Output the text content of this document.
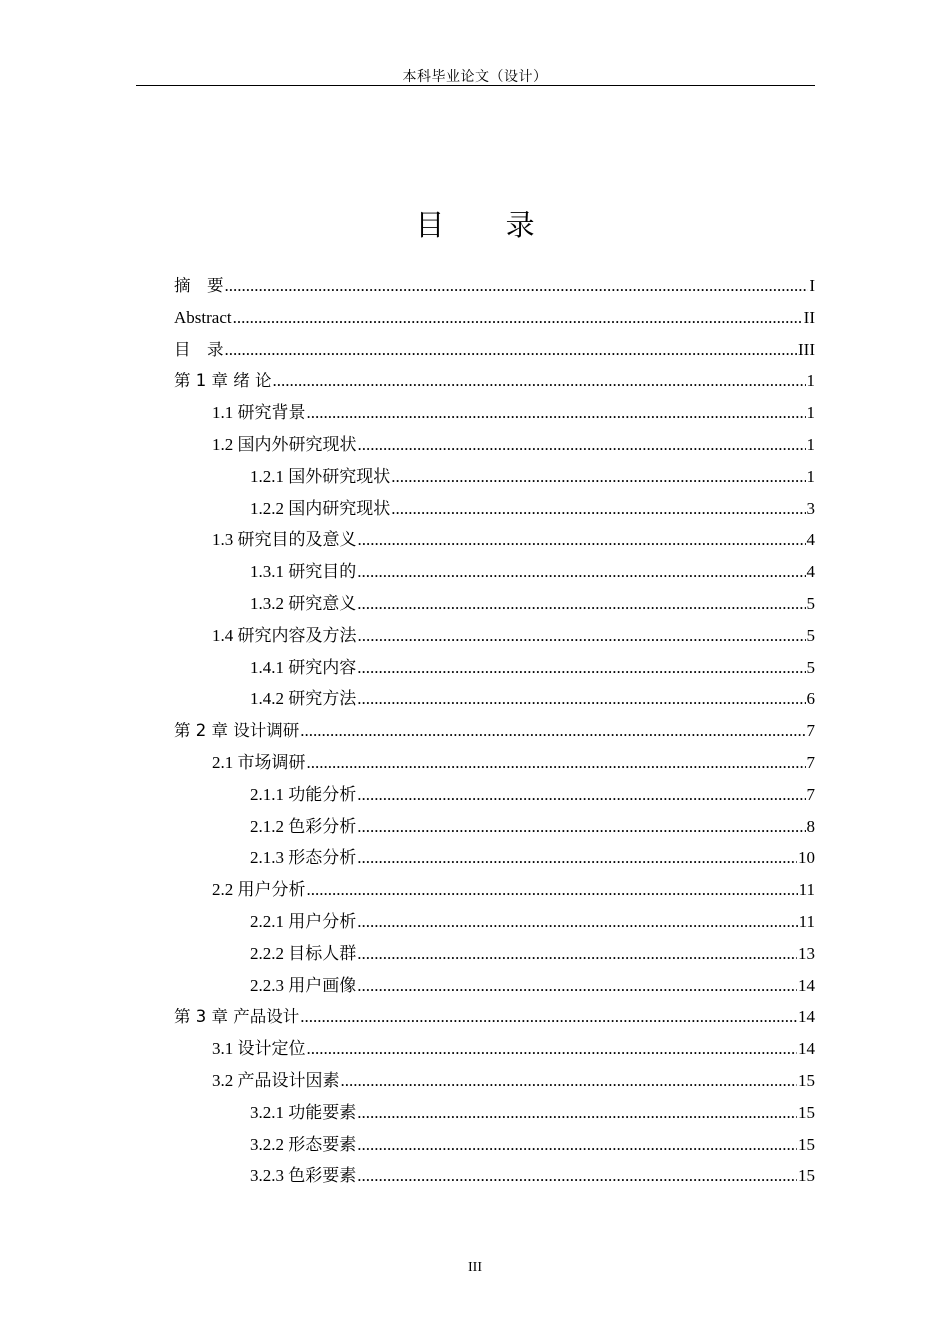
本科毕业论文（设计）
目 录
摘　要 .....	I
Abstract .....	II
目　录 .....	III
第 1 章 绪 论 .....	1
1.1 研究背景 .....	1
1.2 国内外研究现状 .....	1
1.2.1 国外研究现状 .....	1
1.2.2 国内研究现状 .....	3
1.3 研究目的及意义 .....	4
1.3.1 研究目的 .....	4
1.3.2 研究意义 .....	5
1.4 研究内容及方法 .....	5
1.4.1 研究内容 .....	5
1.4.2 研究方法 .....	6
第 2 章 设计调研 .....	7
2.1 市场调研 .....	7
2.1.1 功能分析 .....	7
2.1.2 色彩分析 .....	8
2.1.3 形态分析 .....	10
2.2 用户分析 .....	11
2.2.1 用户分析 .....	11
2.2.2 目标人群 .....	13
2.2.3 用户画像 .....	14
第 3 章 产品设计 .....	14
3.1 设计定位 .....	14
3.2 产品设计因素 .....	15
3.2.1 功能要素 .....	15
3.2.2 形态要素 .....	15
3.2.3 色彩要素 .....	15
III
